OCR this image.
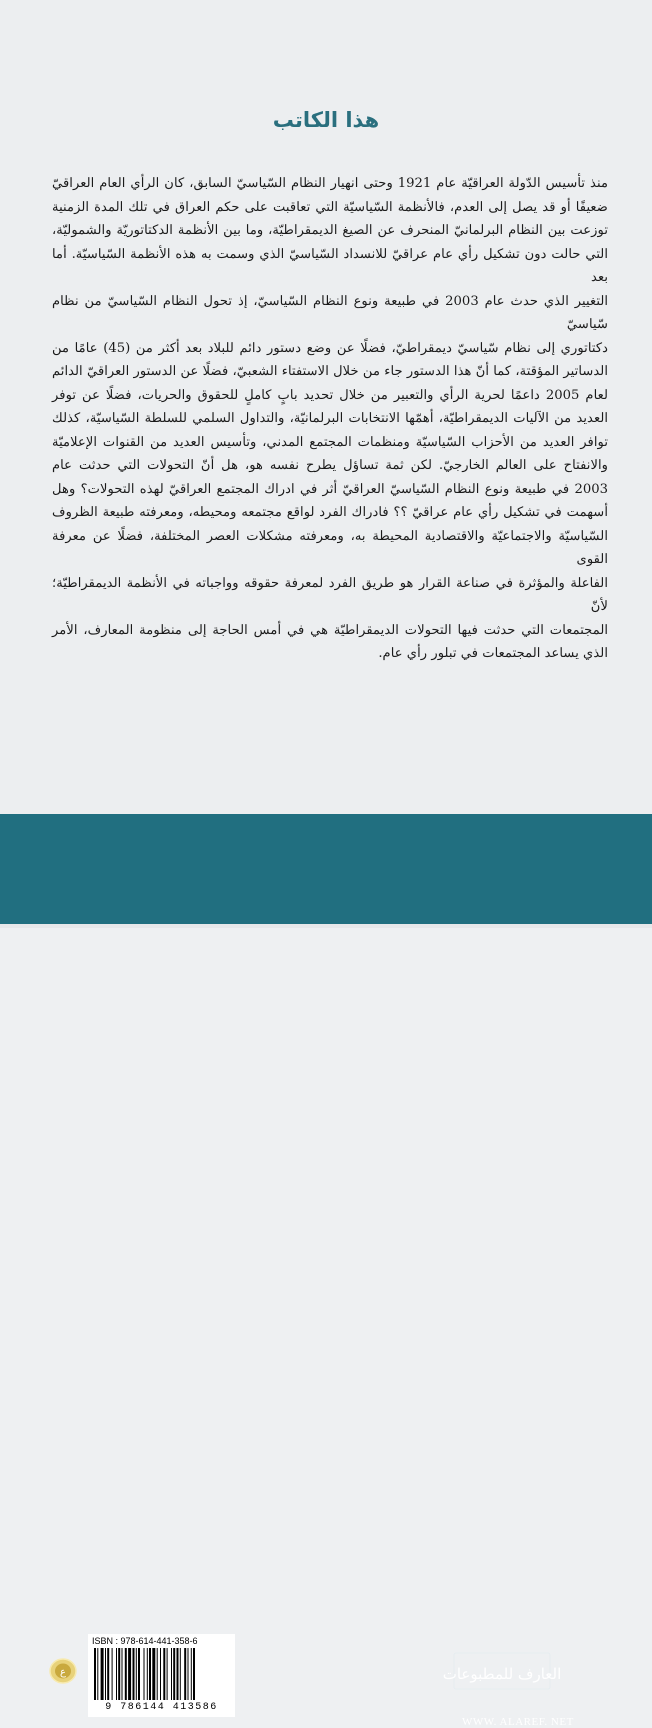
هذا الكاتب
منذ تأسيس الدّولة العراقيّة عام 1921 وحتى انهيار النظام السّياسيّ السابق، كان الرأي العام العراقيّ
ضعيفًا أو قد يصل إلى العدم، فالأنظمة السّياسيّة التي تعاقبت على حكم العراق في تلك المدة الزمنية
توزعت بين النظام البرلمانيّ المنحرف عن الصيغ الديمقراطيّة، وما بين الأنظمة الدكتاتوريّة والشموليّة،
التي حالت دون تشكيل رأي عام عراقيّ للانسداد السّياسيّ الذي وسمت به هذه الأنظمة السّياسيّة. أما بعد
التغيير الذي حدث عام 2003 في طبيعة ونوع النظام السّياسيّ، إذ تحول النظام السّياسيّ من نظام سّياسيّ
دكتاتوري إلى نظام سّياسيّ ديمقراطيّ، فضلًا عن وضع دستور دائم للبلاد بعد أكثر من (45) عامًا من
الدساتير المؤقتة، كما أنّ هذا الدستور جاء من خلال الاستفتاء الشعبيّ، فضلًا عن الدستور العراقيّ الدائم
لعام 2005 داعمًا لحرية الرأي والتعبير من خلال تحديد بابٍ كاملٍ للحقوق والحريات، فضلًا عن توفر
العديد من الآليات الديمقراطيّة، أهمّها الانتخابات البرلمانيّة، والتداول السلمي للسلطة السّياسيّة، كذلك
توافر العديد من الأحزاب السّياسيّة ومنظمات المجتمع المدني، وتأسيس العديد من القنوات الإعلاميّة
والانفتاح على العالم الخارجيّ. لكن ثمة تساؤل يطرح نفسه هو، هل أنّ التحولات التي حدثت عام
2003 في طبيعة ونوع النظام السّياسيّ العراقيّ أثر في ادراك المجتمع العراقيّ لهذه التحولات؟ وهل
أسهمت في تشكيل رأي عام عراقيّ ؟؟ فادراك الفرد لواقع مجتمعه ومحيطه، ومعرفته طبيعة الظروف
السّياسيّة والاجتماعيّة والاقتصادية المحيطة به، ومعرفته مشكلات العصر المختلفة، فضلًا عن معرفة القوى
الفاعلة والمؤثرة في صناعة القرار هو طريق الفرد لمعرفة حقوقه وواجباته في الأنظمة الديمقراطيّة؛ لأنّ
المجتمعات التي حدثت فيها التحولات الديمقراطيّة هي في أمس الحاجة إلى منظومة المعارف، الأمر
الذي يساعد المجتمعات في تبلور رأي عام.
ع
ISBN : 978-614-441-358-6
9 786144 413586
العارف للمطبوعات
WWW. ALAREF. NET
